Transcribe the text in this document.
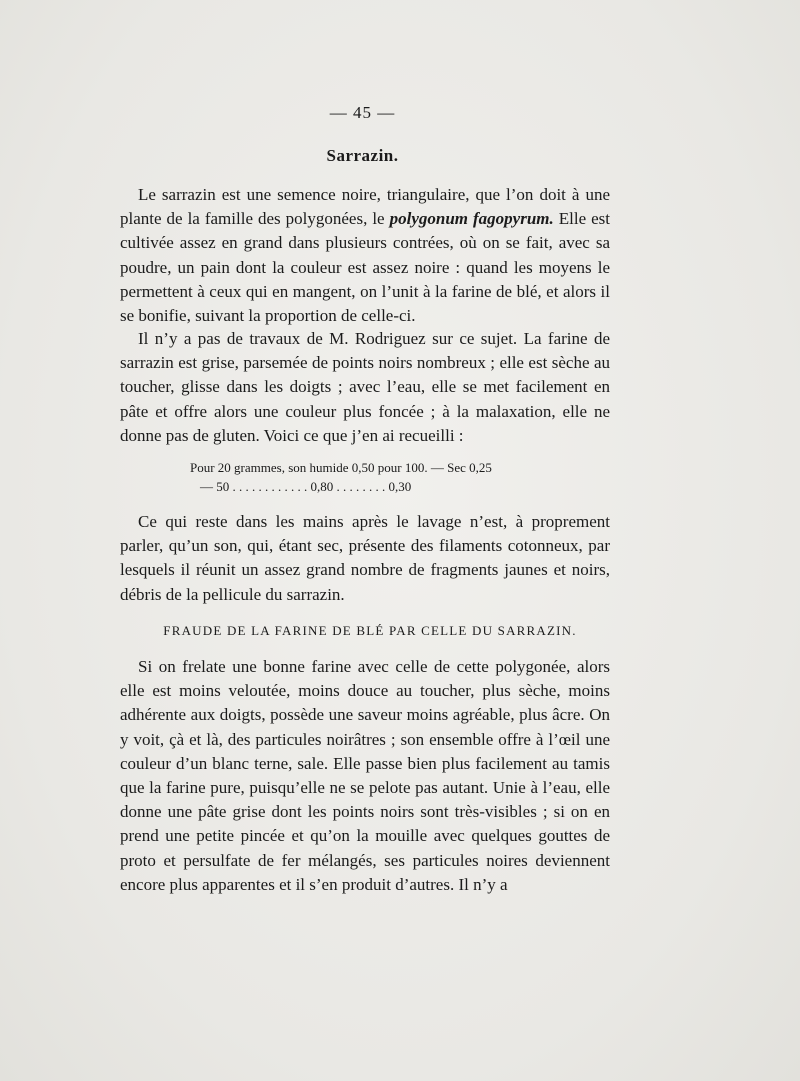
— 45 —
Sarrazin.

Le sarrazin est une semence noire, triangulaire, que l’on doit à une plante de la famille des polygonées, le polygonum fagopyrum. Elle est cultivée assez en grand dans plusieurs contrées, où on se fait, avec sa poudre, un pain dont la couleur est assez noire : quand les moyens le permettent à ceux qui en mangent, on l’unit à la farine de blé, et alors il se bonifie, suivant la proportion de celle-ci.

Il n’y a pas de travaux de M. Rodriguez sur ce sujet. La farine de sarrazin est grise, parsemée de points noirs nombreux ; elle est sèche au toucher, glisse dans les doigts ; avec l’eau, elle se met facilement en pâte et offre alors une couleur plus foncée ; à la malaxation, elle ne donne pas de gluten. Voici ce que j’en ai recueilli :

Pour 20 grammes, son humide 0,50 pour 100. — Sec 0,25

— 50 . . . . . . . . . . . . 0,80 . . . . . . . . 0,30

Ce qui reste dans les mains après le lavage n’est, à proprement parler, qu’un son, qui, étant sec, présente des filaments cotonneux, par lesquels il réunit un assez grand nombre de fragments jaunes et noirs, débris de la pellicule du sarrazin.

FRAUDE DE LA FARINE DE BLÉ PAR CELLE DU SARRAZIN.

Si on frelate une bonne farine avec celle de cette polygonée, alors elle est moins veloutée, moins douce au toucher, plus sèche, moins adhérente aux doigts, possède une saveur moins agréable, plus âcre. On y voit, çà et là, des particules noirâtres ; son ensemble offre à l’œil une couleur d’un blanc terne, sale. Elle passe bien plus facilement au tamis que la farine pure, puisqu’elle ne se pelote pas autant. Unie à l’eau, elle donne une pâte grise dont les points noirs sont très-visibles ; si on en prend une petite pincée et qu’on la mouille avec quelques gouttes de proto et persulfate de fer mélangés, ses particules noires deviennent encore plus apparentes et il s’en produit d’autres. Il n’y a
